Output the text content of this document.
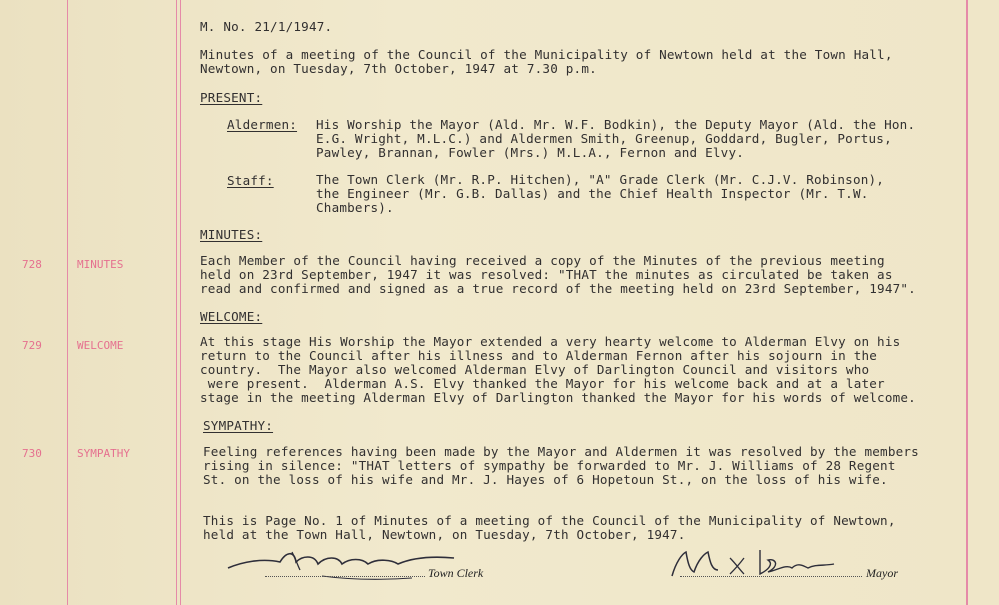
M. No. 21/1/1947.
Minutes of a meeting of the Council of the Municipality of Newtown held at the Town Hall,
Newtown, on Tuesday, 7th October, 1947 at 7.30 p.m.
PRESENT:
Aldermen: His Worship the Mayor (Ald. Mr. W.F. Bodkin), the Deputy Mayor (Ald. the Hon.
E.G. Wright, M.L.C.) and Aldermen Smith, Greenup, Goddard, Bugler, Portus,
Pawley, Brannan, Fowler (Mrs.) M.L.A., Fernon and Elvy.
Staff:	The Town Clerk (Mr. R.P. Hitchen), "A" Grade Clerk (Mr. C.J.V. Robinson),
the Engineer (Mr. G.B. Dallas) and the Chief Health Inspector (Mr. T.W.
Chambers).
728	MINUTES
MINUTES:
Each Member of the Council having received a copy of the Minutes of the previous meeting
held on 23rd September, 1947 it was resolved: "THAT the minutes as circulated be taken as
read and confirmed and signed as a true record of the meeting held on 23rd September, 1947".
729	WELCOME
WELCOME:
At this stage His Worship the Mayor extended a very hearty welcome to Alderman Elvy on his
return to the Council after his illness and to Alderman Fernon after his sojourn in the
country.  The Mayor also welcomed Alderman Elvy of Darlington Council and visitors who
were present.  Alderman A.S. Elvy thanked the Mayor for his welcome back and at a later
stage in the meeting Alderman Elvy of Darlington thanked the Mayor for his words of welcome.
730	SYMPATHY
SYMPATHY:
Feeling references having been made by the Mayor and Aldermen it was resolved by the members
rising in silence: "THAT letters of sympathy be forwarded to Mr. J. Williams of 28 Regent
St. on the loss of his wife and Mr. J. Hayes of 6 Hopetoun St., on the loss of his wife.
This is Page No. 1 of Minutes of a meeting of the Council of the Municipality of Newtown,
held at the Town Hall, Newtown, on Tuesday, 7th October, 1947.
Town Clerk	Mayor
